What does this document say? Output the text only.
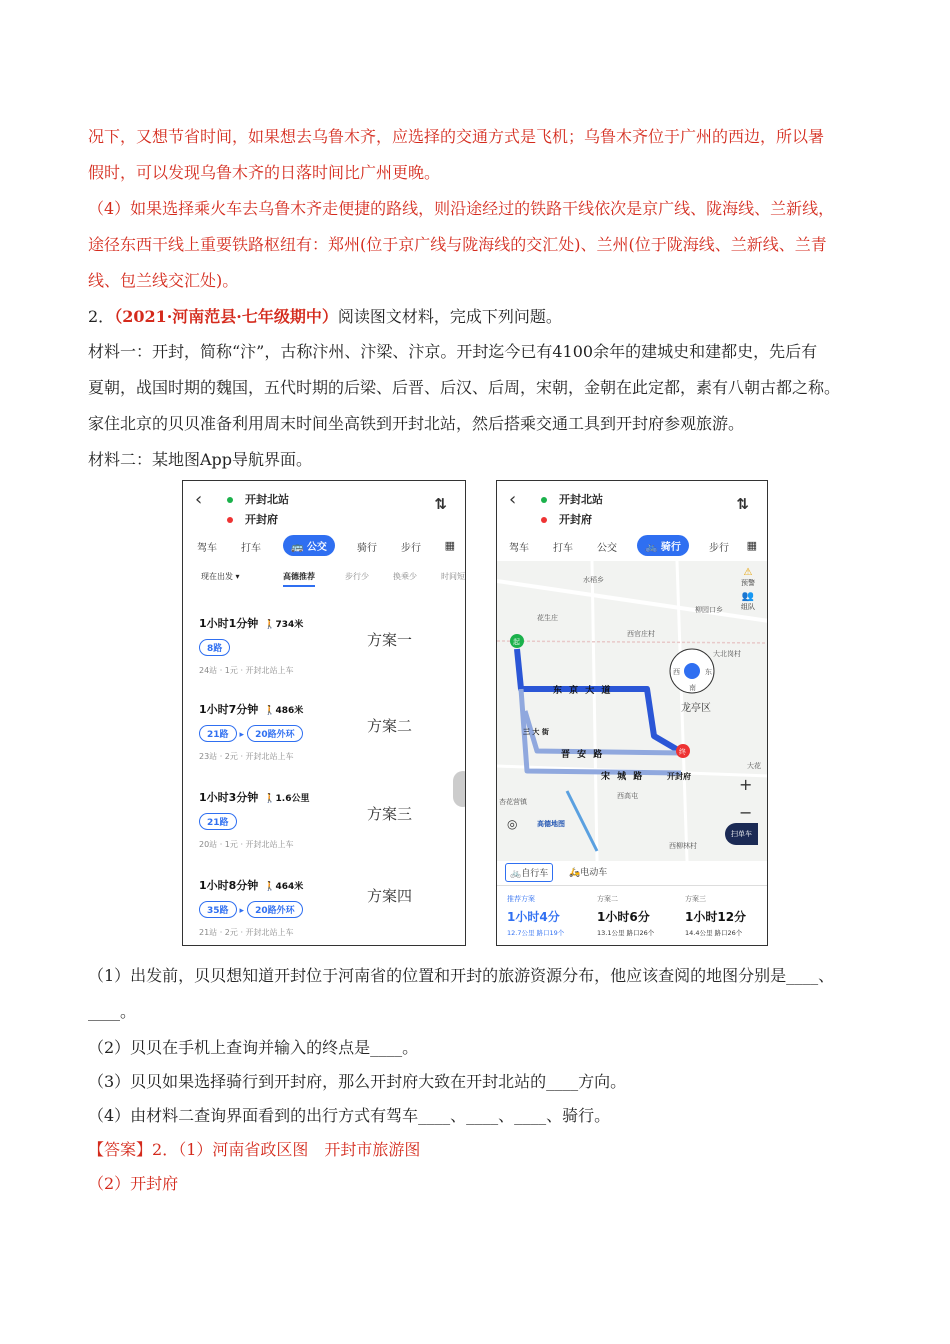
况下，又想节省时间，如果想去乌鲁木齐，应选择的交通方式是飞机；乌鲁木齐位于广州的西边，所以暑
假时，可以发现乌鲁木齐的日落时间比广州更晚。
（4）如果选择乘火车去乌鲁木齐走便捷的路线，则沿途经过的铁路干线依次是京广线、陇海线、兰新线，
途径东西干线上重要铁路枢纽有：郑州(位于京广线与陇海线的交汇处)、兰州(位于陇海线、兰新线、兰青
线、包兰线交汇处)。
2．（2021·河南范县·七年级期中）阅读图文材料，完成下列问题。
材料一：开封，简称“汴”，古称汴州、汴梁、汴京。开封迄今已有4100余年的建城史和建都史，先后有
夏朝，战国时期的魏国，五代时期的后梁、后晋、后汉、后周，宋朝，金朝在此定都，素有八朝古都之称。
家住北京的贝贝准备利用周末时间坐高铁到开封北站，然后搭乘交通工具到开封府参观旅游。
材料二：某地图App导航界面。
‹	开封北站
开封府
⇅
驾车 打车	🚌 公交	骑行 步行 ▦
现在出发 ▾	高德推荐	步行少	换乘少	时间短
1小时1分钟 🚶734米
8路
24站 · 1元 · 开封北站上车
方案一
1小时7分钟 🚶486米
21路 ▸ 20路外环
23站 · 2元 · 开封北站上车
方案二
1小时3分钟 🚶1.6公里
21路
20站 · 1元 · 开封北站上车
方案三
1小时8分钟 🚶464米
35路 ▸ 20路外环
21站 · 2元 · 开封北站上车
方案四
‹	开封北站
开封府
⇅
驾车 打车 公交	🚲 骑行	步行 ▦
水稻乡
花生庄
柳园口乡
西官庄村
大北岗村
龙亭区
东 京 大 道
晋 安 路
宋 城 路
三 大 街
杏花营镇
西高屯
西柳林村
大花
开封府
起
终
西	东
南
⚠
预警
👥
组队
+
−
◎	高德地图
扫单车
🚲自行车	🛵电动车
推荐方案
1小时4分
12.7公里 路口19个
方案二
1小时6分
13.1公里 路口26个
方案三
1小时12分
14.4公里 路口26个
（1）出发前，贝贝想知道开封位于河南省的位置和开封的旅游资源分布，他应该查阅的地图分别是____、
____。
（2）贝贝在手机上查询并输入的终点是____。
（3）贝贝如果选择骑行到开封府，那么开封府大致在开封北站的____方向。
（4）由材料二查询界面看到的出行方式有驾车____、____、____、骑行。
【答案】2．（1）河南省政区图　开封市旅游图
（2）开封府
